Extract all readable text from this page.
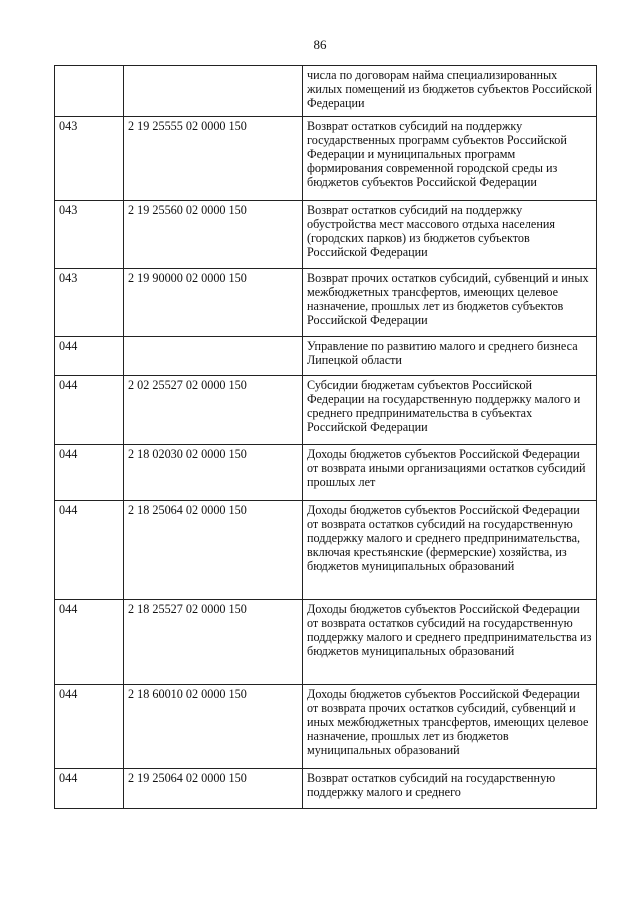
86
		числа по договорам найма специализированных жилых помещений из бюджетов субъектов Российской Федерации
043	2 19 25555 02 0000 150	Возврат остатков субсидий на поддержку государственных программ субъектов Российской Федерации и муниципальных программ формирования современной городской среды из бюджетов субъектов Российской Федерации
043	2 19 25560 02 0000 150	Возврат остатков субсидий на поддержку обустройства мест массового отдыха населения (городских парков) из бюджетов субъектов Российской Федерации
043	2 19 90000 02 0000 150	Возврат прочих остатков субсидий, субвенций и иных межбюджетных трансфертов, имеющих целевое назначение, прошлых лет из бюджетов субъектов Российской Федерации
044		Управление по развитию малого и среднего бизнеса Липецкой области
044	2 02 25527 02 0000 150	Субсидии бюджетам субъектов Российской Федерации на государственную поддержку малого и среднего предпринимательства в субъектах Российской Федерации
044	2 18 02030 02 0000 150	Доходы бюджетов субъектов Российской Федерации от возврата иными организациями остатков субсидий прошлых лет
044	2 18 25064 02 0000 150	Доходы бюджетов субъектов Российской Федерации от возврата остатков субсидий на государственную поддержку малого и среднего предпринимательства, включая крестьянские (фермерские) хозяйства, из бюджетов муниципальных образований
044	2 18 25527 02 0000 150	Доходы бюджетов субъектов Российской Федерации от возврата остатков субсидий на государственную поддержку малого и среднего предпринимательства из бюджетов муниципальных образований
044	2 18 60010 02 0000 150	Доходы бюджетов субъектов Российской Федерации от возврата прочих остатков субсидий, субвенций и иных межбюджетных трансфертов, имеющих целевое назначение, прошлых лет из бюджетов муниципальных образований
044	2 19 25064 02 0000 150	Возврат остатков субсидий на государственную поддержку малого и среднего
